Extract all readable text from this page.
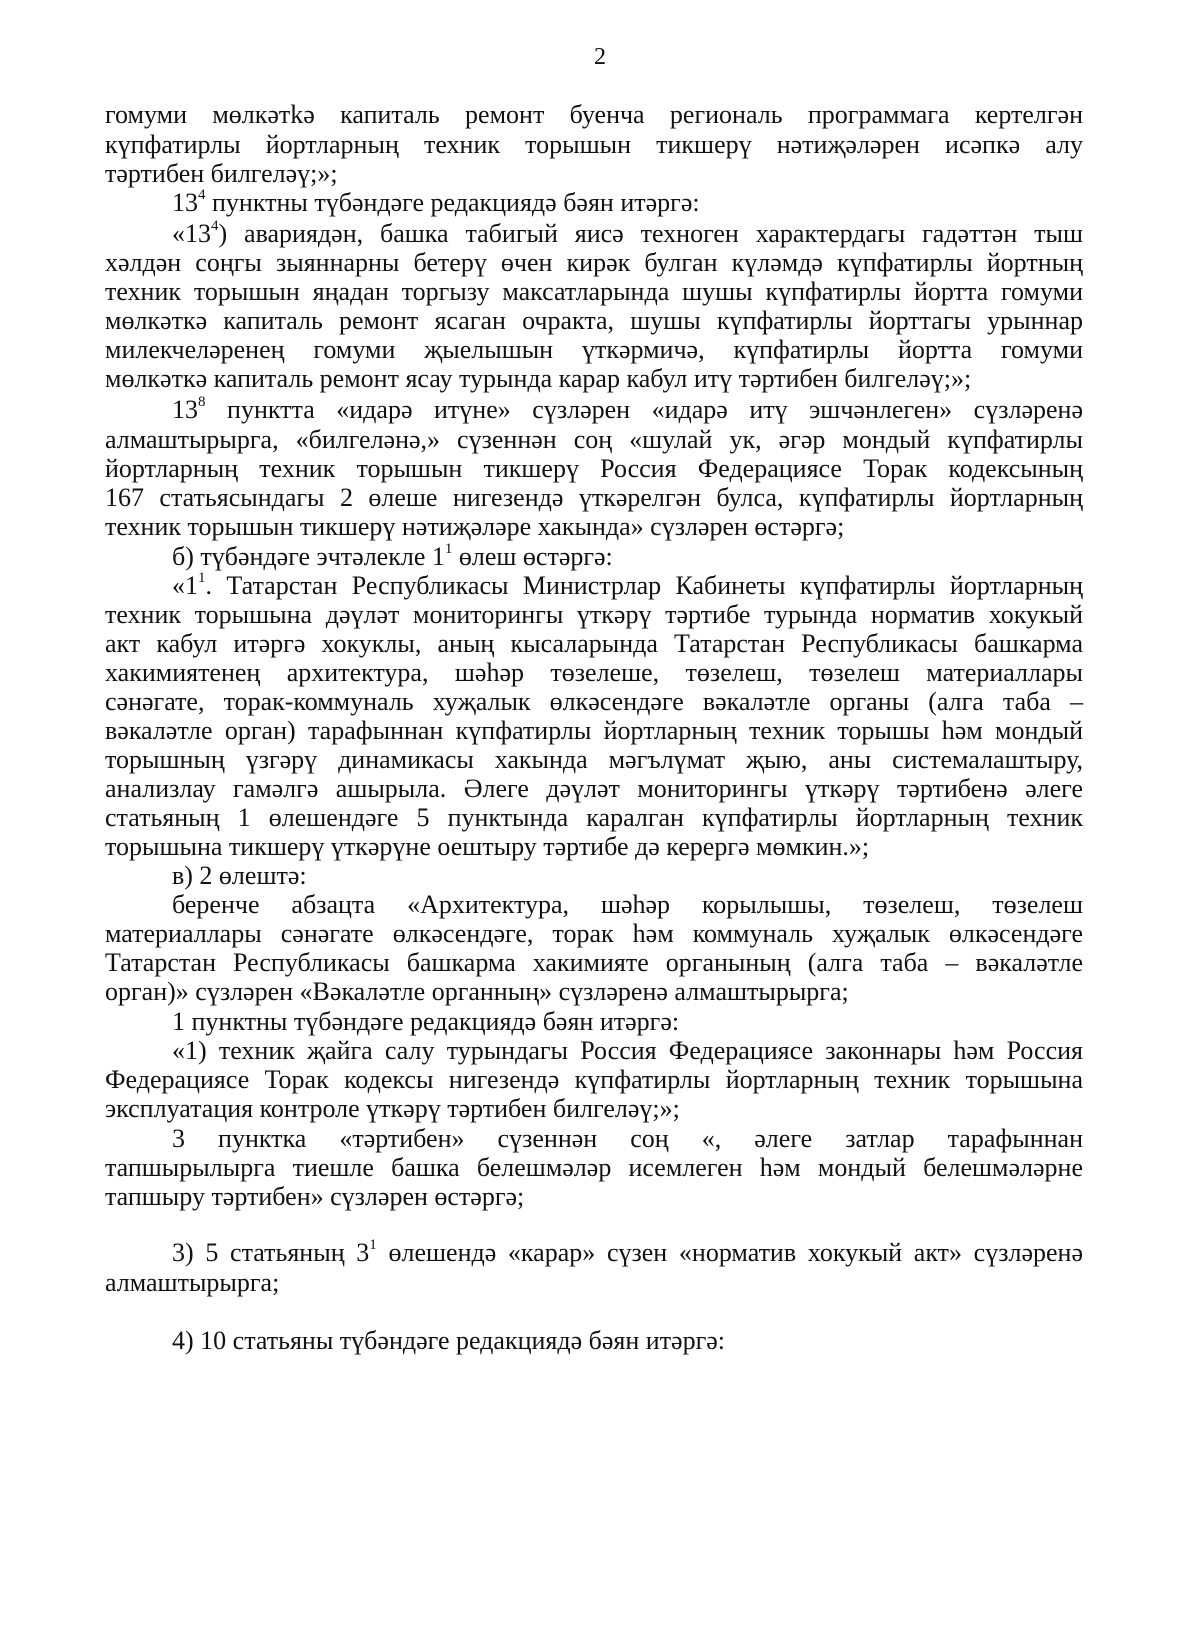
2
гомуми мөлкәтkә капиталь ремонт буенча региональ программага кертелгән
күпфатирлы йортларның техник торышын тикшерү нәтиҗәләрен исәпкә алу
тәртибен билгеләү;»;
$13^4$ пунктны түбәндәге редакциядә бәян итәргә:
«$13^4$) авариядән, башка табигый яисә техноген характердагы гадәттән тыш
хәлдән соңгы зыяннарны бетерү өчен кирәк булган күләмдә күпфатирлы йортның
техник торышын яңадан торгызу максатларында шушы күпфатирлы йортта гомуми
мөлкәткә капиталь ремонт ясаган очракта, шушы күпфатирлы йорттагы урыннар
милекчеләренең гомуми җыелышын үткәрмичә, күпфатирлы йортта гомуми
мөлкәткә капиталь ремонт ясау турында карар кабул итү тәртибен билгеләү;»;
$13^8$ пунктта «идарә итүне» сүзләрен «идарә итү эшчәнлеген» сүзләренә
алмаштырырга, «билгеләнә,» сүзеннән соң «шулай ук, әгәр мондый күпфатирлы
йортларның техник торышын тикшерү Россия Федерациясе Торак кодексының
167 статьясындагы 2 өлеше нигезендә үткәрелгән булса, күпфатирлы йортларның
техник торышын тикшерү нәтиҗәләре хакында» сүзләрен өстәргә;
б) түбәндәге эчтәлекле $1^1$ өлеш өстәргә:
«$1^1$. Татарстан Республикасы Министрлар Кабинеты күпфатирлы йортларның
техник торышына дәүләт мониторингы үткәрү тәртибе турында норматив хокукый
акт кабул итәргә хокуклы, аның кысаларында Татарстан Республикасы башкарма
хакимиятенең архитектура, шәһәр төзелеше, төзелеш, төзелеш материаллары
сәнәгате, торак-коммуналь хуҗалык өлкәсендәге вәкаләтле органы (алга таба –
вәкаләтле орган) тарафыннан күпфатирлы йортларның техник торышы һәм мондый
торышның үзгәрү динамикасы хакында мәгълүмат җыю, аны системалаштыру,
анализлау гамәлгә ашырыла. Әлеге дәүләт мониторингы үткәрү тәртибенә әлеге
статьяның 1 өлешендәге 5 пунктында каралган күпфатирлы йортларның техник
торышына тикшерү үткәрүне оештыру тәртибе дә керергә мөмкин.»;
в) 2 өлештә:
беренче абзацта «Архитектура, шәһәр корылышы, төзелеш, төзелеш
материаллары сәнәгате өлкәсендәге, торак һәм коммуналь хуҗалык өлкәсендәге
Татарстан Республикасы башкарма хакимияте органының (алга таба – вәкаләтле
орган)» сүзләрен «Вәкаләтле органның» сүзләренә алмаштырырга;
1 пунктны түбәндәге редакциядә бәян итәргә:
«1) техник җайга салу турындагы Россия Федерациясе законнары һәм Россия
Федерациясе Торак кодексы нигезендә күпфатирлы йортларның техник торышына
эксплуатация контроле үткәрү тәртибен билгеләү;»;
3 пунктка «тәртибен» сүзеннән соң «, әлеге затлар тарафыннан
тапшырылырга тиешле башка белешмәләр исемлеген һәм мондый белешмәләрне
тапшыру тәртибен» сүзләрен өстәргә;
3) 5 статьяның $3^1$ өлешендә «карар» сүзен «норматив хокукый акт» сүзләренә
алмаштырырга;
4) 10 статьяны түбәндәге редакциядә бәян итәргә:
